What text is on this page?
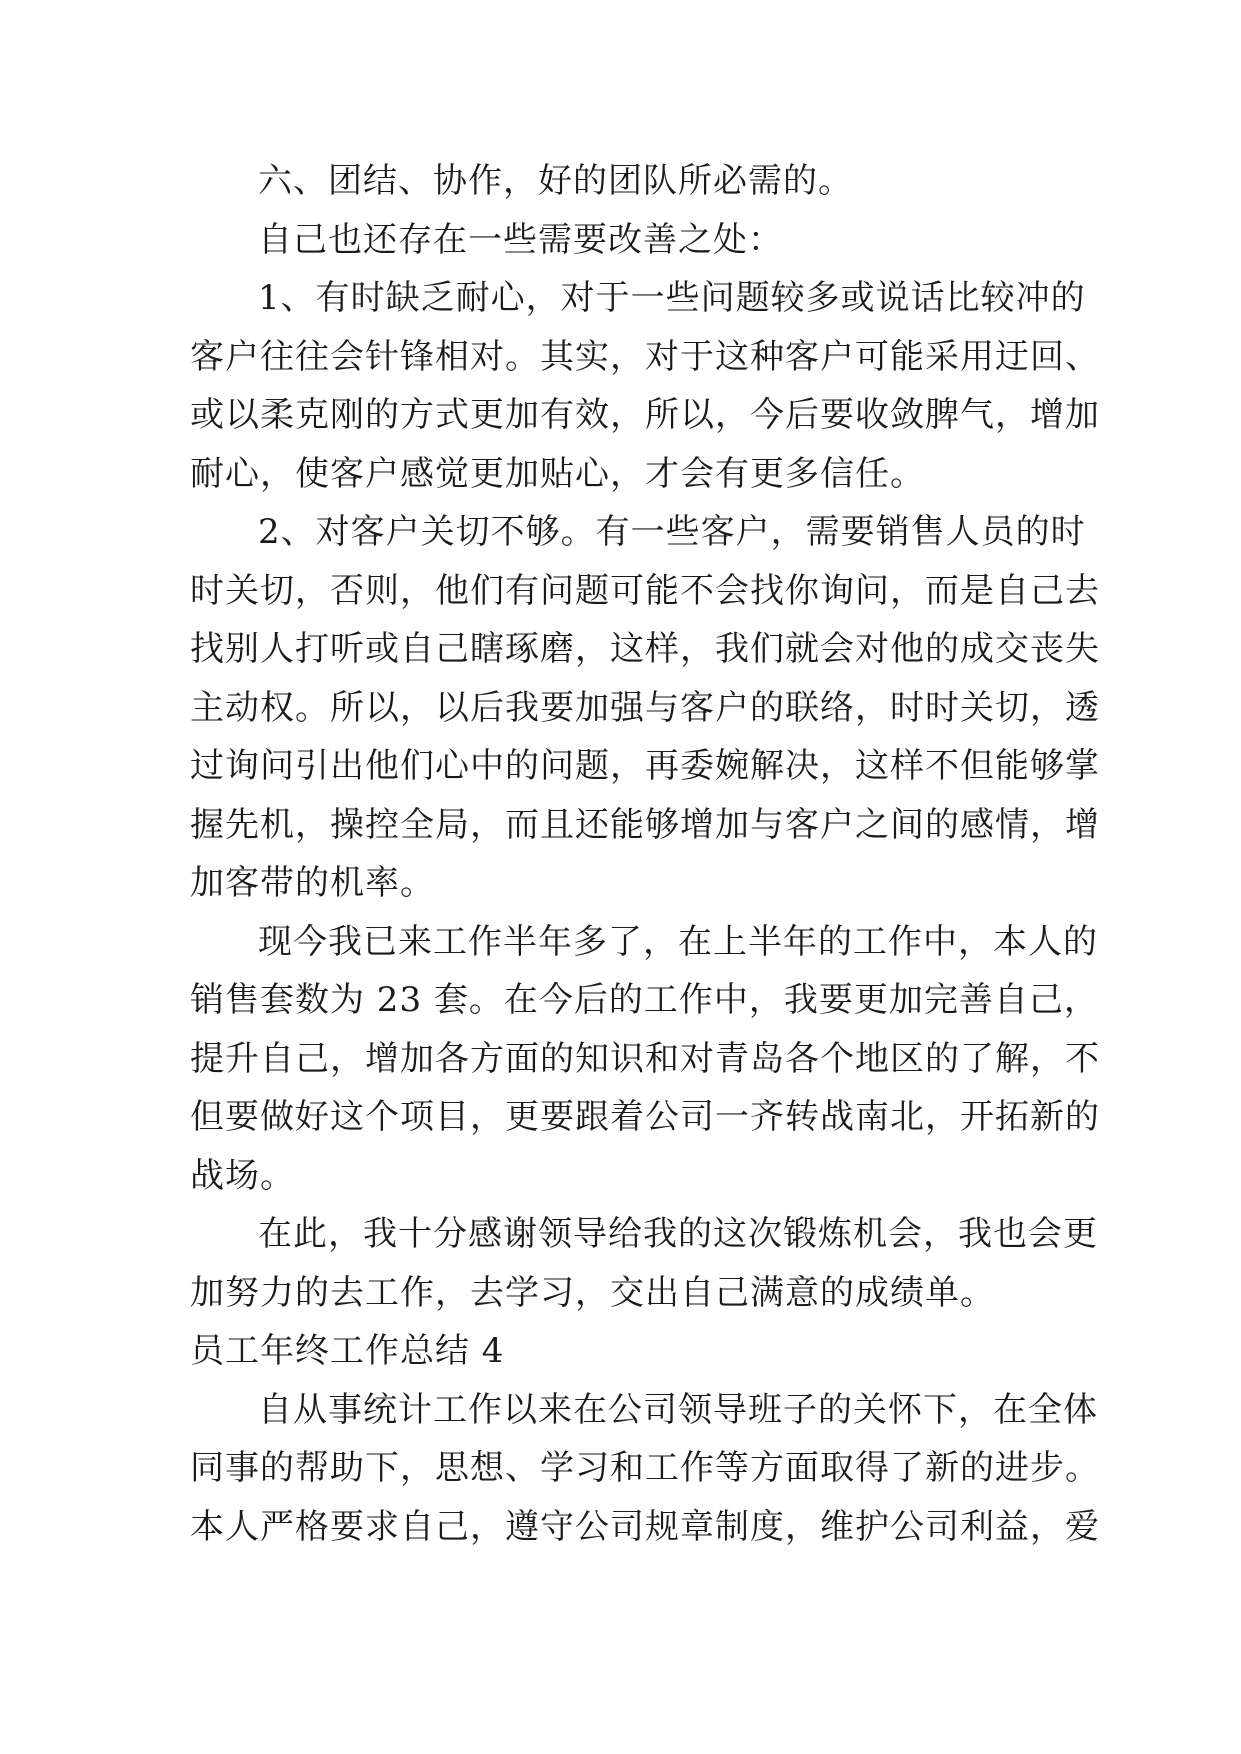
六、团结、协作，好的团队所必需的。
自己也还存在一些需要改善之处：
1、有时缺乏耐心，对于一些问题较多或说话比较冲的
客户往往会针锋相对。其实，对于这种客户可能采用迂回、
或以柔克刚的方式更加有效，所以，今后要收敛脾气，增加
耐心，使客户感觉更加贴心，才会有更多信任。
2、对客户关切不够。有一些客户，需要销售人员的时
时关切，否则，他们有问题可能不会找你询问，而是自己去
找别人打听或自己瞎琢磨，这样，我们就会对他的成交丧失
主动权。所以，以后我要加强与客户的联络，时时关切，透
过询问引出他们心中的问题，再委婉解决，这样不但能够掌
握先机，操控全局，而且还能够增加与客户之间的感情，增
加客带的机率。
现今我已来工作半年多了，在上半年的工作中，本人的
销售套数为 23 套。在今后的工作中，我要更加完善自己，
提升自己，增加各方面的知识和对青岛各个地区的了解，不
但要做好这个项目，更要跟着公司一齐转战南北，开拓新的
战场。
在此，我十分感谢领导给我的这次锻炼机会，我也会更
加努力的去工作，去学习，交出自己满意的成绩单。
员工年终工作总结 4
自从事统计工作以来在公司领导班子的关怀下，在全体
同事的帮助下，思想、学习和工作等方面取得了新的进步。
本人严格要求自己，遵守公司规章制度，维护公司利益，爱
